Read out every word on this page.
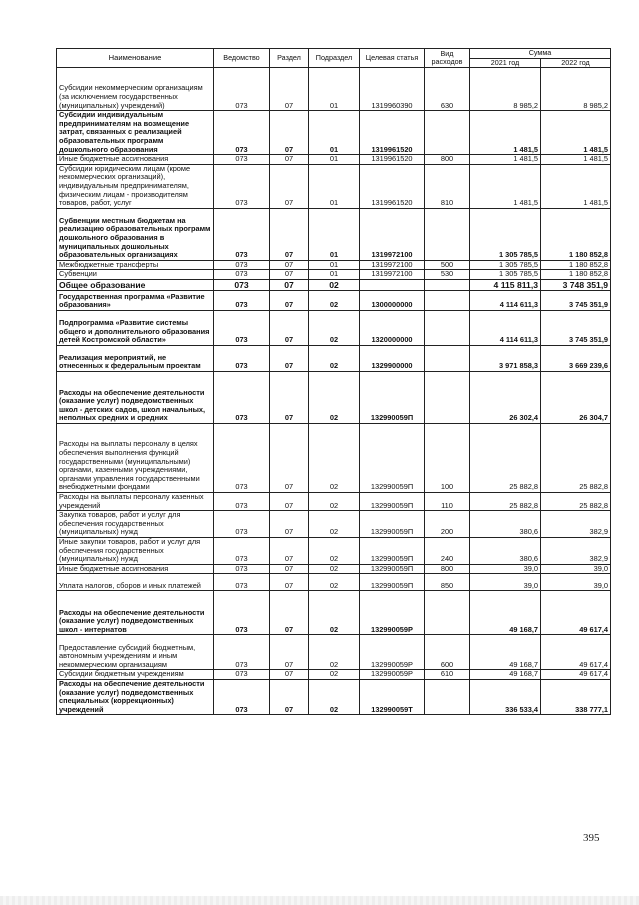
Наименование	Ведомство	Раздел	Подраздел	Целевая статья	Вид расходов	Сумма	
						2021 год	2022 год
Субсидии некоммерческим организациям (за исключением государственных (муниципальных) учреждений)	073	07	01	1319960390	630	8 985,2	8 985,2
Субсидии индивидуальным предпринимателям на возмещение затрат, связанных с реализацией образовательных программ дошкольного образования	073	07	01	1319961520		1 481,5	1 481,5
Иные бюджетные ассигнования	073	07	01	1319961520	800	1 481,5	1 481,5
Субсидии юридическим лицам (кроме некоммерческих организаций), индивидуальным предпринимателям, физическим лицам - производителям товаров, работ, услуг	073	07	01	1319961520	810	1 481,5	1 481,5
Субвенции местным бюджетам на реализацию образовательных программ дошкольного образования в муниципальных дошкольных образовательных организациях	073	07	01	1319972100		1 305 785,5	1 180 852,8
Межбюджетные трансферты	073	07	01	1319972100	500	1 305 785,5	1 180 852,8
Субвенции	073	07	01	1319972100	530	1 305 785,5	1 180 852,8
Общее образование	073	07	02			4 115 811,3	3 748 351,9
Государственная программа «Развитие образования»	073	07	02	1300000000		4 114 611,3	3 745 351,9
Подпрограмма «Развитие системы общего и дополнительного образования детей Костромской области»	073	07	02	1320000000		4 114 611,3	3 745 351,9
Реализация мероприятий, не отнесенных к федеральным проектам	073	07	02	1329900000		3 971 858,3	3 669 239,6
Расходы на обеспечение деятельности (оказание услуг) подведомственных школ - детских садов, школ начальных, неполных средних и средних	073	07	02	132990059П		26 302,4	26 304,7
Расходы на выплаты персоналу в целях обеспечения выполнения функций государственными (муниципальными) органами, казенными учреждениями, органами управления государственными внебюджетными фондами	073	07	02	132990059П	100	25 882,8	25 882,8
Расходы на выплаты персоналу казенных учреждений	073	07	02	132990059П	110	25 882,8	25 882,8
Закупка товаров, работ и услуг для обеспечения государственных (муниципальных) нужд	073	07	02	132990059П	200	380,6	382,9
Иные закупки товаров, работ и услуг для обеспечения государственных (муниципальных) нужд	073	07	02	132990059П	240	380,6	382,9
Иные бюджетные ассигнования	073	07	02	132990059П	800	39,0	39,0
Уплата налогов, сборов и иных платежей	073	07	02	132990059П	850	39,0	39,0
Расходы на обеспечение деятельности (оказание услуг) подведомственных школ - интернатов	073	07	02	132990059Р		49 168,7	49 617,4
Предоставление субсидий бюджетным, автономным учреждениям и иным некоммерческим организациям	073	07	02	132990059Р	600	49 168,7	49 617,4
Субсидии бюджетным учреждениям	073	07	02	132990059Р	610	49 168,7	49 617,4
Расходы на обеспечение деятельности (оказание услуг) подведомственных специальных (коррекционных) учреждений	073	07	02	132990059Т		336 533,4	338 777,1
395
